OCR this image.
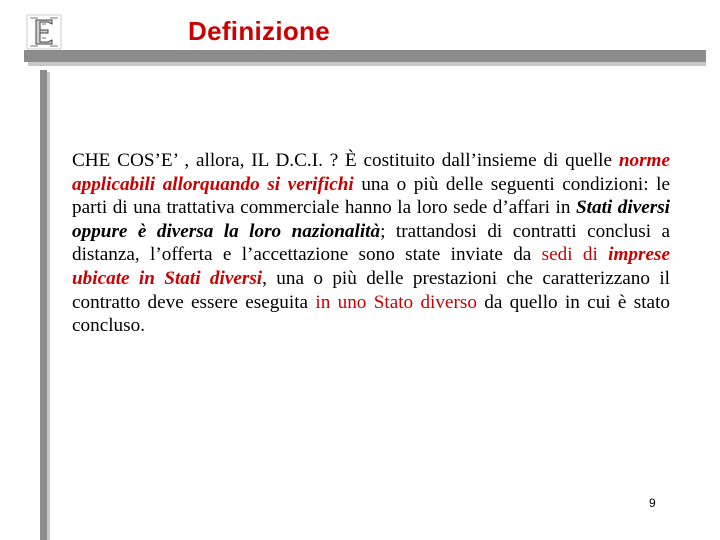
Definizione
CHE COS’E’ , allora, IL D.C.I. ? È costituito dall’insieme di quelle norme applicabili allorquando si verifichi una o più delle seguenti condizioni: le parti di una trattativa commerciale hanno la loro sede d’affari in Stati diversi oppure è diversa la loro nazionalità; trattandosi di contratti conclusi a distanza, l’offerta e l’accettazione sono state inviate da sedi di imprese ubicate in Stati diversi, una o più delle prestazioni che caratterizzano il contratto deve essere eseguita in uno Stato diverso da quello in cui è stato concluso.
9
